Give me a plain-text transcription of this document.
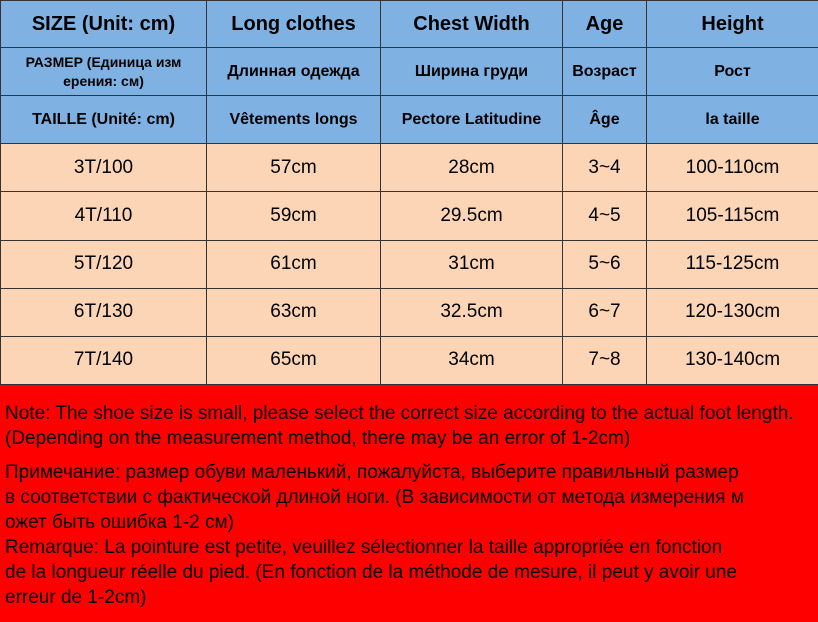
SIZE (Unit: cm)	Long clothes	Chest Width	Age	Height
РАЗМЕР (Единица изм
ерения: см)	Длинная одежда	Ширина груди	Возраст	Рост
TAILLE (Unité: cm)	Vêtements longs	Pectore Latitudine	Âge	la taille
3T/100	57cm	28cm	3~4	100-110cm
4T/110	59cm	29.5cm	4~5	105-115cm
5T/120	61cm	31cm	5~6	115-125cm
6T/130	63cm	32.5cm	6~7	120-130cm
7T/140	65cm	34cm	7~8	130-140cm

Note: The shoe size is small, please select the correct size according to the actual foot length.
(Depending on the measurement method, there may be an error of 1-2cm)

Примечание: размер обуви маленький, пожалуйста, выберите правильный размер
в соответствии с фактической длиной ноги. (В зависимости от метода измерения м
ожет быть ошибка 1-2 см)

Remarque: La pointure est petite, veuillez sélectionner la taille appropriée en fonction
de la longueur réelle du pied. (En fonction de la méthode de mesure, il peut y avoir une
erreur de 1-2cm)
